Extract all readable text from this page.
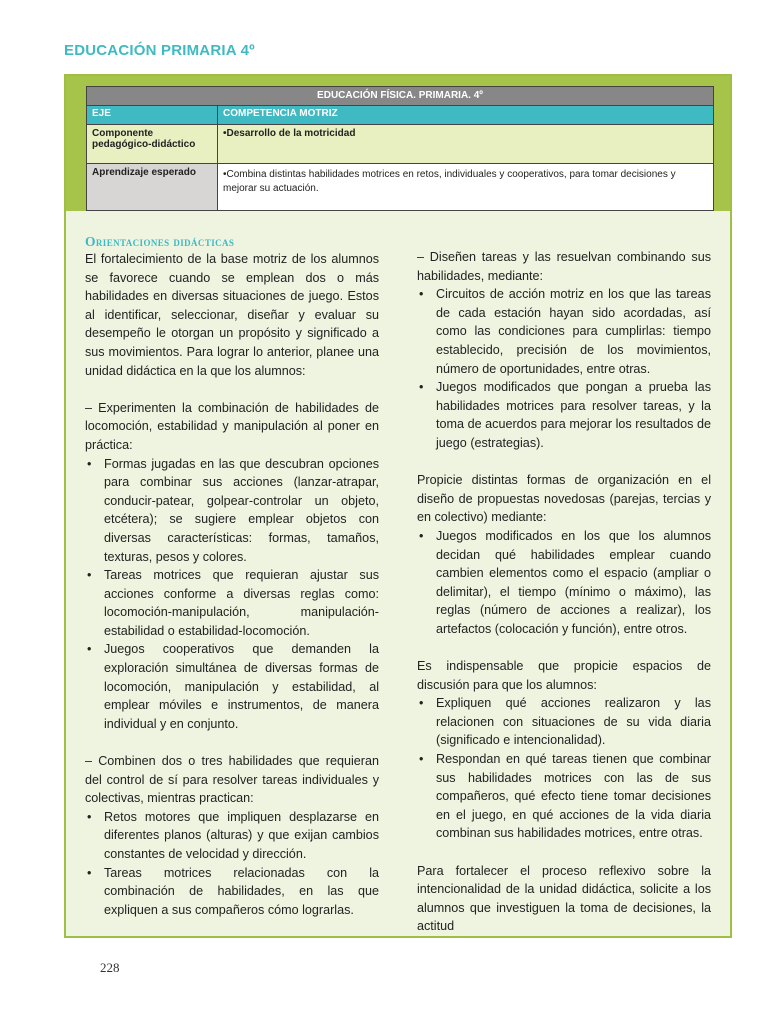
EDUCACIÓN PRIMARIA 4º
EDUCACIÓN FÍSICA. PRIMARIA. 4º
EJE	COMPETENCIA MOTRIZ
Componente pedagógico-didáctico
•Desarrollo de la motricidad
Aprendizaje esperado	•Combina distintas habilidades motrices en retos, individuales y cooperativos, para tomar decisiones y mejorar su actuación.
Orientaciones didácticas

El fortalecimiento de la base motriz de los alumnos se favorece cuando se emplean dos o más habilidades en diversas situaciones de juego. Estos al identificar, seleccionar, diseñar y evaluar su desempeño le otorgan un propósito y significado a sus movimientos. Para lograr lo anterior, planee una unidad didáctica en la que los alumnos:

– Experimenten la combinación de habilidades de locomoción, estabilidad y manipulación al poner en práctica:

• Formas jugadas en las que descubran opciones para combinar sus acciones (lanzar-atrapar, conducir-patear, golpear-controlar un objeto, etcétera); se sugiere emplear objetos con diversas características: formas, tamaños, texturas, pesos y colores.
• Tareas motrices que requieran ajustar sus acciones conforme a diversas reglas como: locomoción-manipulación, manipulación-estabilidad o estabilidad-locomoción.
• Juegos cooperativos que demanden la exploración simultánea de diversas formas de locomoción, manipulación y estabilidad, al emplear móviles e instrumentos, de manera individual y en conjunto.

– Combinen dos o tres habilidades que requieran del control de sí para resolver tareas individuales y colectivas, mientras practican:

• Retos motores que impliquen desplazarse en diferentes planos (alturas) y que exijan cambios constantes de velocidad y dirección.
• Tareas motrices relacionadas con la combinación de habilidades, en las que expliquen a sus compañeros cómo lograrlas.

– Diseñen tareas y las resuelvan combinando sus habilidades, mediante:

• Circuitos de acción motriz en los que las tareas de cada estación hayan sido acordadas, así como las condiciones para cumplirlas: tiempo establecido, precisión de los movimientos, número de oportunidades, entre otras.
• Juegos modificados que pongan a prueba las habilidades motrices para resolver tareas, y la toma de acuerdos para mejorar los resultados de juego (estrategias).

Propicie distintas formas de organización en el diseño de propuestas novedosas (parejas, tercias y en colectivo) mediante:

• Juegos modificados en los que los alumnos decidan qué habilidades emplear cuando cambien elementos como el espacio (ampliar o delimitar), el tiempo (mínimo o máximo), las reglas (número de acciones a realizar), los artefactos (colocación y función), entre otros.

Es indispensable que propicie espacios de discusión para que los alumnos:

• Expliquen qué acciones realizaron y las relacionen con situaciones de su vida diaria (significado e intencionalidad).
• Respondan en qué tareas tienen que combinar sus habilidades motrices con las de sus compañeros, qué efecto tiene tomar decisiones en el juego, en qué acciones de la vida diaria combinan sus habilidades motrices, entre otras.

Para fortalecer el proceso reflexivo sobre la intencionalidad de la unidad didáctica, solicite a los alumnos que investiguen la toma de decisiones, la actitud

228
